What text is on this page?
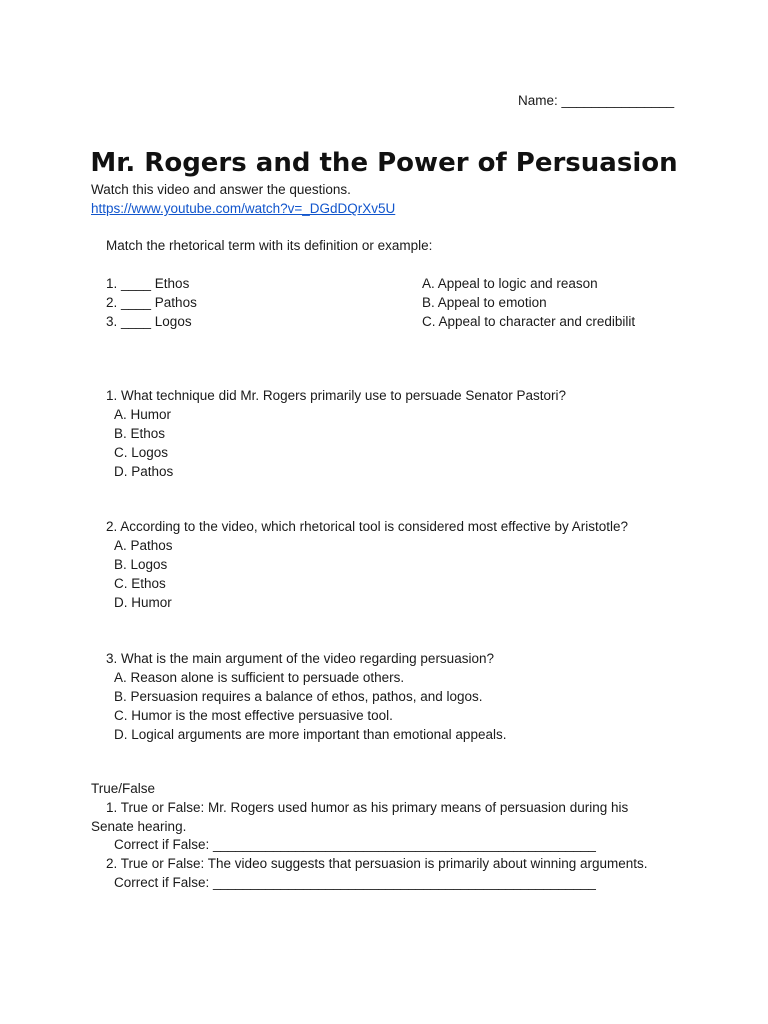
Name: _______________
Mr. Rogers and the Power of Persuasion
Watch this video and answer the questions.
https://www.youtube.com/watch?v=_DGdDQrXv5U
Match the rhetorical term with its definition or example:
1. ____ Ethos
2. ____ Pathos
3. ____ Logos
A. Appeal to logic and reason
B. Appeal to emotion
C. Appeal to character and credibilit
1. What technique did Mr. Rogers primarily use to persuade Senator Pastori?
A. Humor
B. Ethos
C. Logos
D. Pathos
2. According to the video, which rhetorical tool is considered most effective by Aristotle?
A. Pathos
B. Logos
C. Ethos
D. Humor
3. What is the main argument of the video regarding persuasion?
A. Reason alone is sufficient to persuade others.
B. Persuasion requires a balance of ethos, pathos, and logos.
C. Humor is the most effective persuasive tool.
D. Logical arguments are more important than emotional appeals.
True/False
1. True or False: Mr. Rogers used humor as his primary means of persuasion during his
Senate hearing.
Correct if False: ___________________________________________________
2. True or False: The video suggests that persuasion is primarily about winning arguments.
Correct if False: ___________________________________________________
